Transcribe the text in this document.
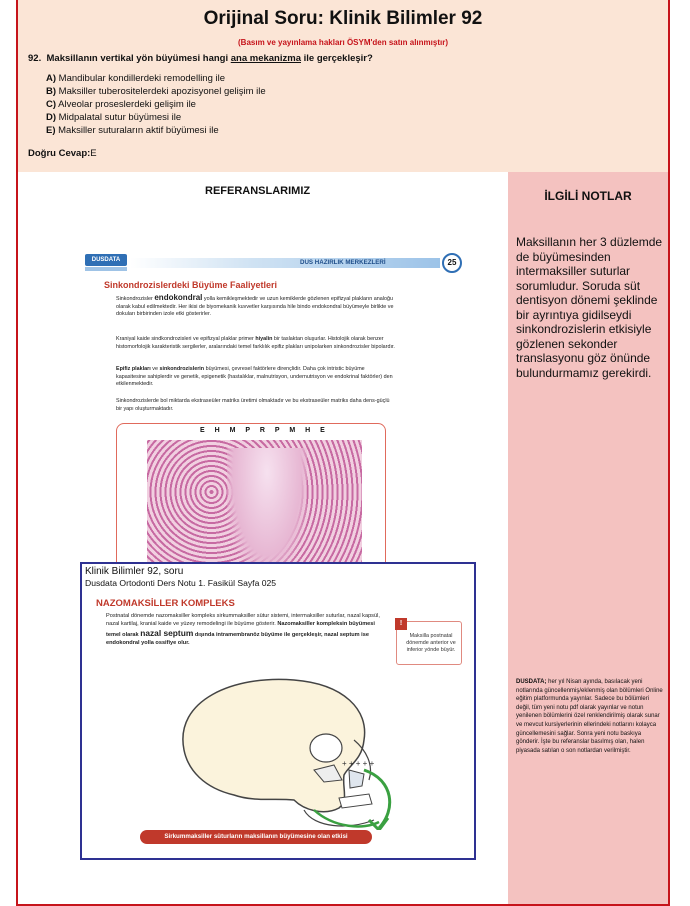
Orijinal Soru: Klinik Bilimler 92
(Basım ve yayınlama hakları ÖSYM'den satın alınmıştır)
92. Maksillanın vertikal yön büyümesi hangi ana mekanizma ile gerçekleşir?
A) Mandibular kondillerdeki remodelling ile
B) Maksiller tuberositelerdeki apozisyonel gelişim ile
C) Alveolar proseslerdeki gelişim ile
D) Midpalatal sutur büyümesi ile
E) Maksiller suturaların aktif büyümesi ile
Doğru Cevap:E
REFERANSLARIMIZ	İLGİLİ NOTLAR
Maksillanın her 3 düzlemde de büyümesinden intermaksiller suturlar sorumludur. Soruda süt dentisyon dönemi şeklinde bir ayrıntıya gidilseydi sinkondrozislerin etkisiyle gözlenen sekonder translasyonu göz önünde bulundurmamız gerekirdi.
DUSDATA; her yıl Nisan ayında, basılacak yeni notlarında güncellenmiş/eklenmiş olan bölümleri Online eğitim platformunda yayınlar. Sadece bu bölümleri değil, tüm yeni notu pdf olarak yayınlar ve notun yenilenen bölümlerini özel renklendirilmiş olarak sunar ve mevcut kursiyerlerinin ellerindeki notlarını kolayca güncellemesini sağlar. Sonra yeni notu baskıya gönderir. İşte bu referanslar basılmış olan, halen piyasada satılan o son notlardan verilmiştir.
DUSDATA	DUS HAZIRLIK MERKEZLERİ	25
Sinkondrozislerdeki Büyüme Faaliyetleri
Sinkondrozisler endokondral yolla kemikleşmektedir ve uzun kemiklerde gözlenen epifizyal plakların analoğu olarak kabul edilmektedir. Her ikisi de biyomekanik kuvvetler karşısında hile bindo endokondral büyümeyle birlikte ve dokuları birbirinden izole etki gösterirler.
Kraniyal kaide sindkondrozisleri ve epifizyal plaklar primer hiyalin bir taslaktan oluşurlar. Histolojik olarak benzer histomorfolojik karakteristik sergilerler, aralarındaki temel farklılık epifiz plakları unipolarken sinkondrozisler bipolardır.
Epifiz plakları ve sinkondrozislerin büyümesi, çevresel faktörlere dirençlidir. Daha çok intristic büyüme kapasitesine sahiplerdir ve genetik, epigenetik (hastalıklar, malnutrisyon, undernutrisyon ve endokrinal faktörler) den etkilenmektedir.
Sinkondrozislerde bol miktarda ekstraseüler matriks üretimi olmaktadır ve bu ekstraseüler matriks daha dens-güçlü bir yapı oluşturmaktadır.
E H M P R P M H E
Klinik Bilimler 92, soru
Dusdata Ortodonti Ders Notu 1. Fasikül Sayfa 025
NAZOMAKSİLLER KOMPLEKS
Postnatal dönemde nazomaksiller kompleks sirkummaksiller sütur sistemi, intermaksiller suturlar, nazal kapsül, nazal kartilaj, kranial kaide ve yüzey remodelingi ile büyüme gösterir. Nazomaksiller kompleksin büyümesi temel olarak nazal septum dışında intramembranöz büyüme ile gerçekleşir, nazal septum ise endokondral yolla ossifiye olur.
!
Maksilla postnatal dönemde anterior ve inferior yönde büyür.
+ + + + +
Sirkummaksiller süturların maksillanın büyümesine olan etkisi
